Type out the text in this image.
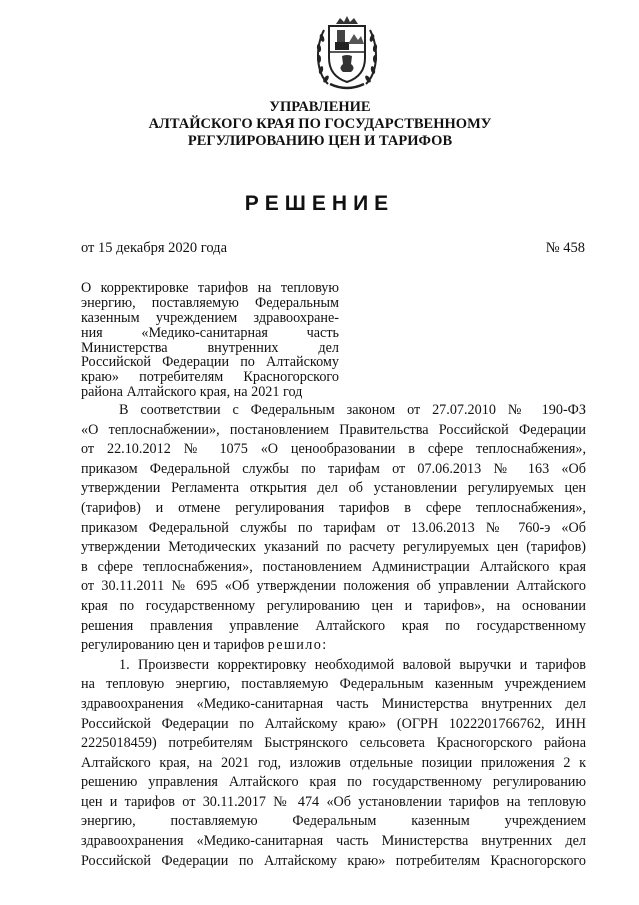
УПРАВЛЕНИЕ
АЛТАЙСКОГО КРАЯ ПО ГОСУДАРСТВЕННОМУ
РЕГУЛИРОВАНИЮ ЦЕН И ТАРИФОВ
РЕШЕНИЕ
от 15 декабря 2020 года	№ 458
О корректировке тарифов на тепловую
энергию, поставляемую Федеральным
казенным учреждением здравоохране-
ния «Медико-санитарная часть
Министерства внутренних дел
Российской Федерации по Алтайскому
краю» потребителям Красногорского
района Алтайского края, на 2021 год
В соответствии с Федеральным законом от 27.07.2010 № 190-ФЗ
«О теплоснабжении», постановлением Правительства Российской Федерации
от 22.10.2012 № 1075 «О ценообразовании в сфере теплоснабжения»,
приказом Федеральной службы по тарифам от 07.06.2013 № 163 «Об
утверждении Регламента открытия дел об установлении регулируемых цен
(тарифов) и отмене регулирования тарифов в сфере теплоснабжения»,
приказом Федеральной службы по тарифам от 13.06.2013 № 760-э «Об
утверждении Методических указаний по расчету регулируемых цен (тарифов)
в сфере теплоснабжения», постановлением Администрации Алтайского края
от 30.11.2011 № 695 «Об утверждении положения об управлении Алтайского
края по государственному регулированию цен и тарифов», на основании
решения правления управление Алтайского края по государственному
регулированию цен и тарифов решило:
1. Произвести корректировку необходимой валовой выручки и тарифов
на тепловую энергию, поставляемую Федеральным казенным учреждением
здравоохранения «Медико-санитарная часть Министерства внутренних дел
Российской Федерации по Алтайскому краю» (ОГРН 1022201766762, ИНН
2225018459) потребителям Быстрянского сельсовета Красногорского района
Алтайского края, на 2021 год, изложив отдельные позиции приложения 2 к
решению управления Алтайского края по государственному регулированию
цен и тарифов от 30.11.2017 № 474 «Об установлении тарифов на тепловую
энергию, поставляемую Федеральным казенным учреждением
здравоохранения «Медико-санитарная часть Министерства внутренних дел
Российской Федерации по Алтайскому краю» потребителям Красногорского
